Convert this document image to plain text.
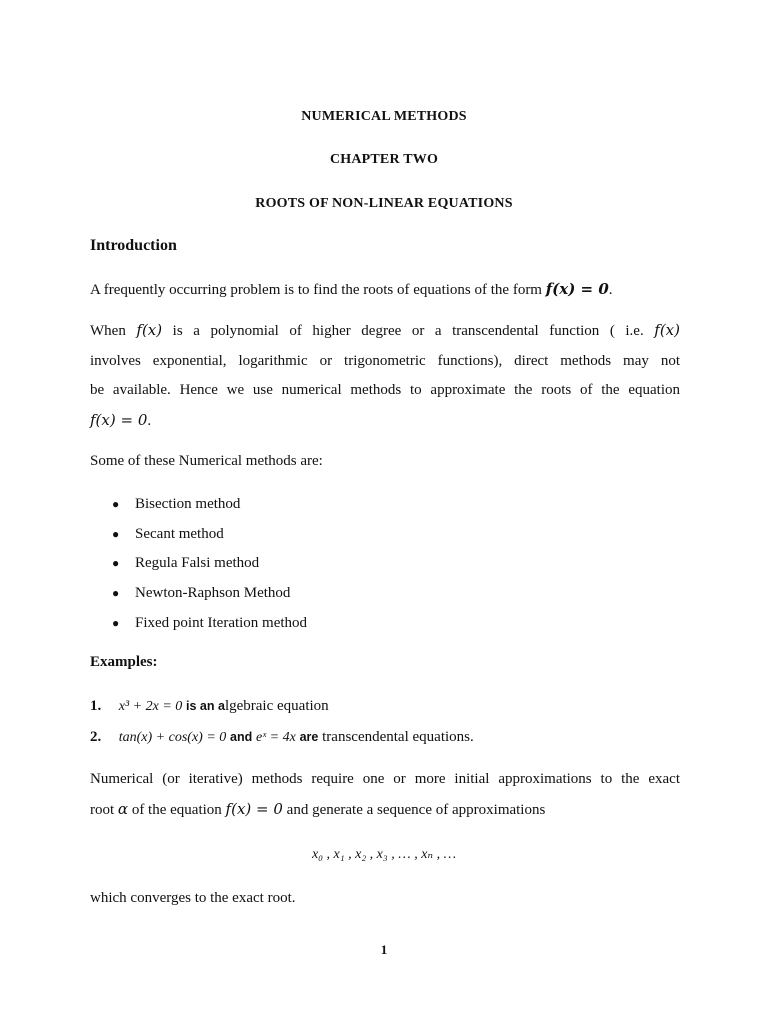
NUMERICAL METHODS
CHAPTER TWO
ROOTS OF NON-LINEAR EQUATIONS
Introduction
A frequently occurring problem is to find the roots of equations of the form f(x) = 0.
When f(x) is a polynomial of higher degree or a transcendental function ( i.e. f(x)
involves exponential, logarithmic or trigonometric functions), direct methods may not
be available. Hence we use numerical methods to approximate the roots of the equation
f(x) = 0.
Some of these Numerical methods are:
● Bisection method
● Secant method
● Regula Falsi method
● Newton-Raphson Method
● Fixed point Iteration method
Examples:
1. x³ + 2x = 0 is an algebraic equation
2. tan(x) + cos(x) = 0 and eˣ = 4x are transcendental equations.
Numerical (or iterative) methods require one or more initial approximations to the exact
root α of the equation f(x) = 0 and generate a sequence of approximations
x₀ , x₁ , x₂ , x₃ , … , xₙ , …
which converges to the exact root.
1
